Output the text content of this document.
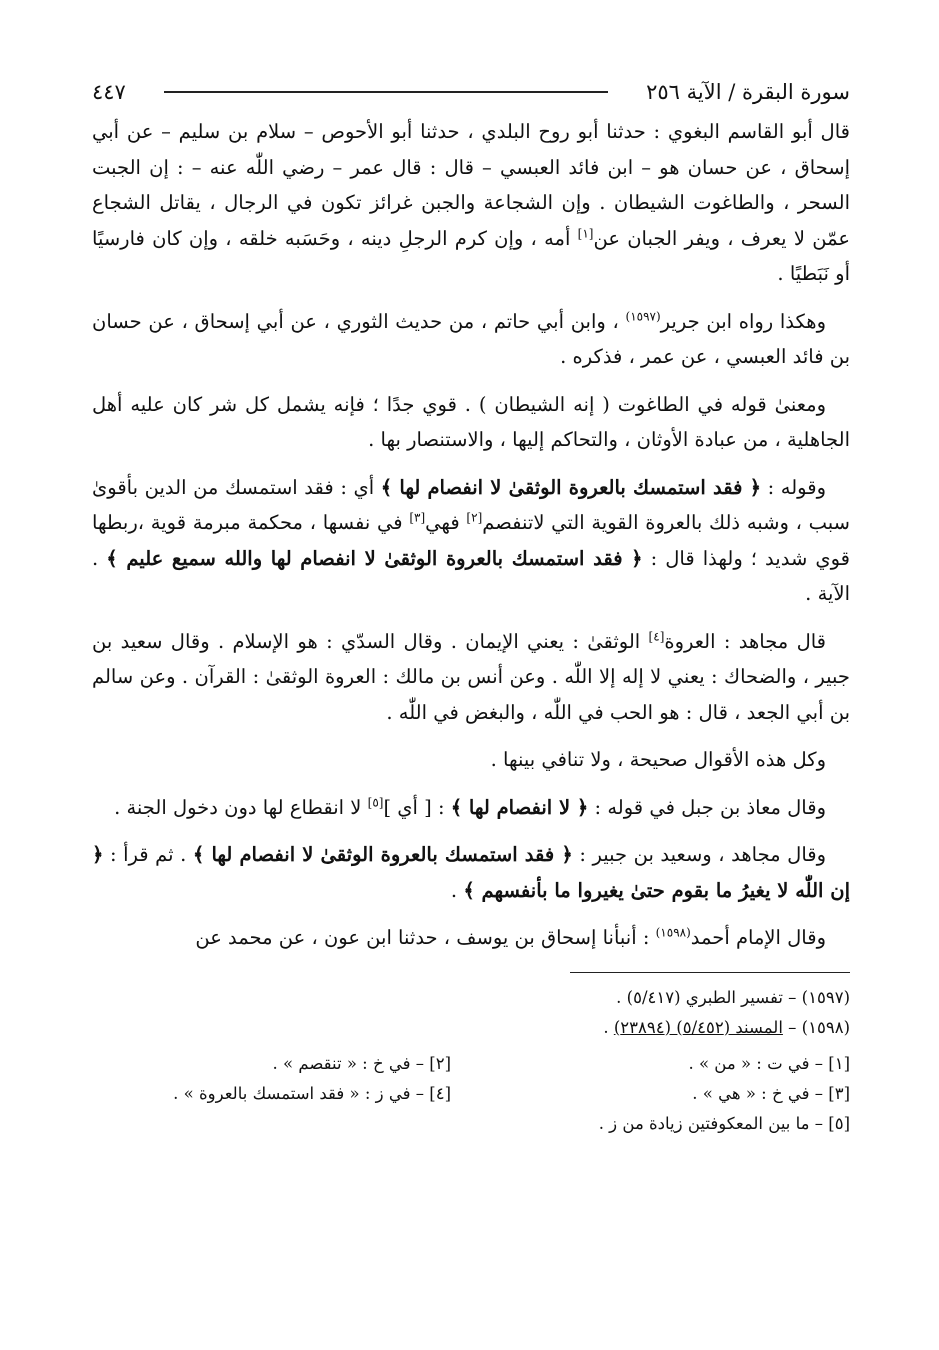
سورة البقرة / الآية ٢٥٦
٤٤٧

قال أبو القاسم البغوي : حدثنا أبو روح البلدي ، حدثنا أبو الأحوص – سلام بن سليم – عن أبي إسحاق ، عن حسان هو – ابن فائد العبسي – قال : قال عمر – رضي اللّٰه عنه – : إن الجبت السحر ، والطاغوت الشيطان . وإن الشجاعة والجبن غرائز تكون في الرجال ، يقاتل الشجاع عمّن لا يعرف ، ويفر الجبان عن[١] أمه ، وإن كرم الرجلِ دينه ، وحَسَبه خلقه ، وإن كان فارسيًا أو نَبَطيًا .

وهكذا رواه ابن جرير$^{(١٥٩٧)}$ ، وابن أبي حاتم ، من حديث الثوري ، عن أبي إسحاق ، عن حسان بن فائد العبسي ، عن عمر ، فذكره .

ومعنىٰ قوله في الطاغوت ( إنه الشيطان ) . قوي جدًا ؛ فإنه يشمل كل شر كان عليه أهل الجاهلية ، من عبادة الأوثان ، والتحاكم إليها ، والاستنصار بها .

وقوله : ﴿ فقد استمسك بالعروة الوثقىٰ لا انفصام لها ﴾ أي : فقد استمسك من الدين بأقوىٰ سبب ، وشبه ذلك بالعروة القوية التي لاتنفصم[٢] فهي[٣] في نفسها ، محكمة مبرمة قوية ،ربطها قوي شديد ؛ ولهذا قال : ﴿ فقد استمسك بالعروة الوثقىٰ لا انفصام لها والله سميع عليم ﴾ . الآية .

قال مجاهد : العروة[٤] الوثقىٰ : يعني الإيمان . وقال السدّي : هو الإسلام . وقال سعيد بن جبير ، والضحاك : يعني لا إله إلا اللّٰه . وعن أنس بن مالك : العروة الوثقىٰ : القرآن . وعن سالم بن أبي الجعد ، قال : هو الحب في اللّٰه ، والبغض في اللّٰه .

وكل هذه الأقوال صحيحة ، ولا تنافي بينها .

وقال معاذ بن جبل في قوله : ﴿ لا انفصام لها ﴾ : [ أي ][٥] لا انقطاع لها دون دخول الجنة .

وقال مجاهد ، وسعيد بن جبير : ﴿ فقد استمسك بالعروة الوثقىٰ لا انفصام لها ﴾ . ثم قرأ : ﴿ إن اللّٰه لا يغيرُ ما بقوم حتىٰ يغيروا ما بأنفسهم ﴾ .

وقال الإمام أحمد$^{(١٥٩٨)}$ : أنبأنا إسحاق بن يوسف ، حدثنا ابن عون ، عن محمد عن

(١٥٩٧) – تفسير الطبري (٥/٤١٧) .

(١٥٩٨) – المسند (٥/٤٥٢) (٢٣٨٩٤) .

[١] – في ت : « من » .
[٢] – في خ : « تنقصم » .
[٣] – في خ : « هي » .
[٤] – في ز : « فقد استمسك بالعروة » .
[٥] – ما بين المعكوفتين زيادة من ز .
